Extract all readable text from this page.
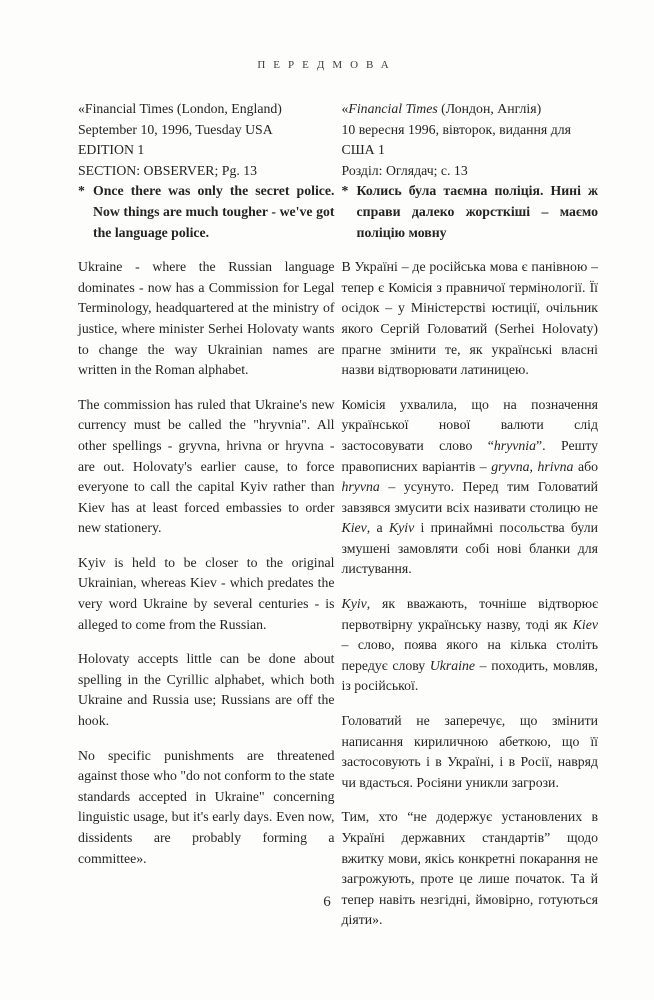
ПЕРЕДМОВА
«Financial Times (London, England)
September 10, 1996, Tuesday USA
EDITION 1
SECTION: OBSERVER; Pg. 13
* Once there was only the secret police. Now things are much tougher - we've got the language police.

Ukraine - where the Russian language dominates - now has a Commission for Legal Terminology, headquartered at the ministry of justice, where minister Serhei Holovaty wants to change the way Ukrainian names are written in the Roman alphabet.

The commission has ruled that Ukraine's new currency must be called the "hryvnia". All other spellings - gryvna, hrivna or hryvna - are out. Holovaty's earlier cause, to force everyone to call the capital Kyiv rather than Kiev has at least forced embassies to order new stationery.

Kyiv is held to be closer to the original Ukrainian, whereas Kiev - which predates the very word Ukraine by several centuries - is alleged to come from the Russian.

Holovaty accepts little can be done about spelling in the Cyrillic alphabet, which both Ukraine and Russia use; Russians are off the hook.

No specific punishments are threatened against those who "do not conform to the state standards accepted in Ukraine" concerning linguistic usage, but it's early days. Even now, dissidents are probably forming a committee».

«Financial Times (Лондон, Англія)
10 вересня 1996, вівторок, видання для
США 1
Розділ: Оглядач; с. 13
* Колись була таємна поліція. Нині ж справи далеко жорсткіші – маємо поліцію мовну

В Україні – де російська мова є панівною – тепер є Комісія з правничої термінології. Її осідок – у Міністерстві юстиції, очільник якого Сергій Головатий (Serhei Holovaty) прагне змінити те, як українські власні назви відтворювати латиницею.

Комісія ухвалила, що на позначення української нової валюти слід застосовувати слово “hryvnia”. Решту правописних варіантів – gryvna, hrivna або hryvna – усунуто. Перед тим Головатий завзявся змусити всіх називати столицю не Kiev, а Kyiv і принаймні посольства були змушені замовляти собі нові бланки для листування.

Kyiv, як вважають, точніше відтворює первотвірну українську назву, тоді як Kiev – слово, поява якого на кілька століть передує слову Ukraine – походить, мовляв, із російської.

Головатий не заперечує, що змінити написання кириличною абеткою, що її застосовують і в Україні, і в Росії, навряд чи вдасться. Росіяни уникли загрози.

Тим, хто “не додержує установлених в Україні державних стандартів” щодо вжитку мови, якісь конкретні покарання не загрожують, проте це лише початок. Та й тепер навіть незгідні, ймовірно, готуються діяти».

6
